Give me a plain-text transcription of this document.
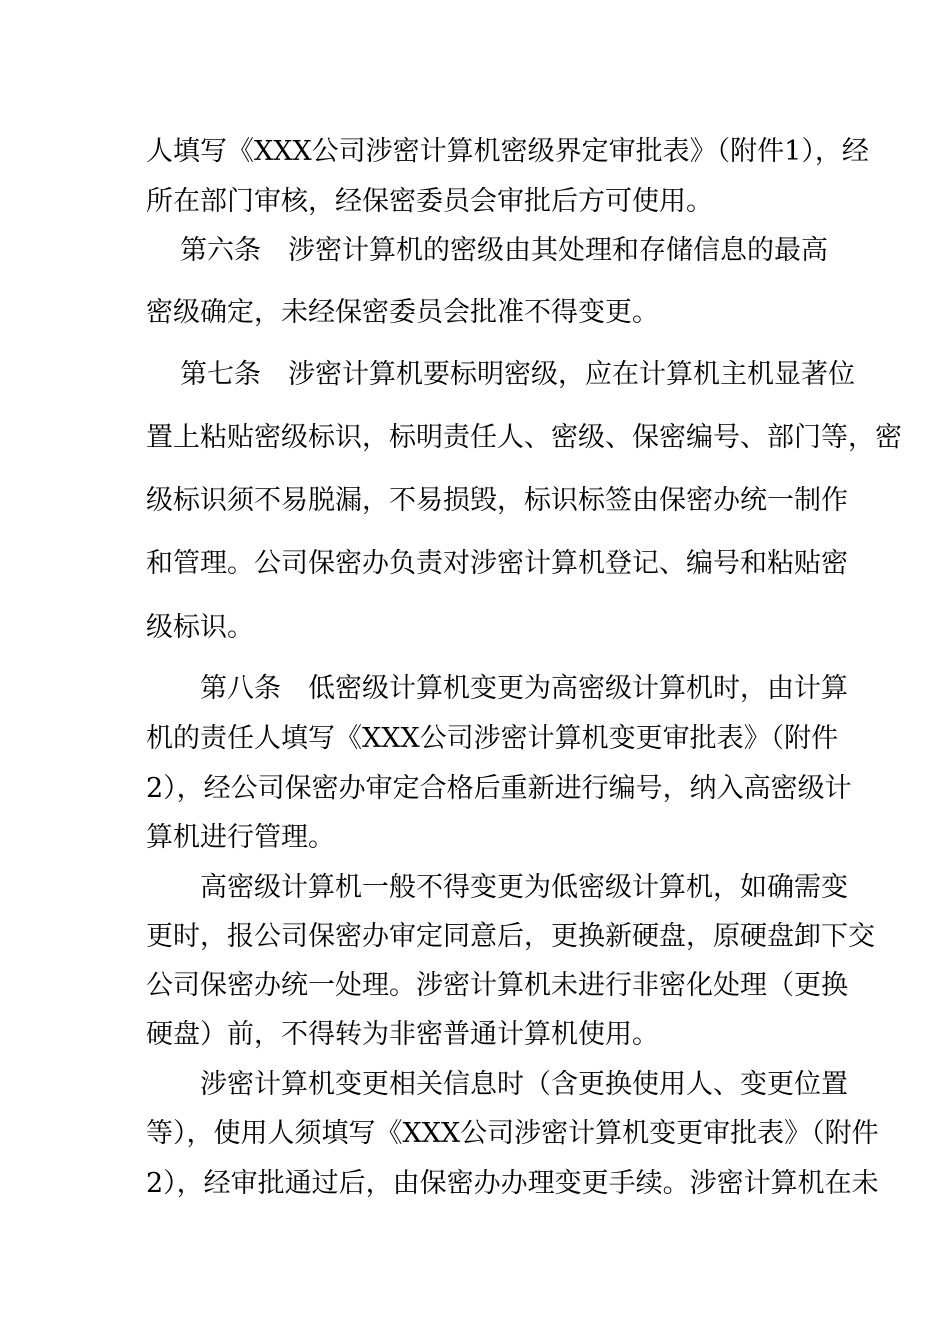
人填写《XXX公司涉密计算机密级界定审批表》（附件1），经
所在部门审核，经保密委员会审批后方可使用。
第六条　涉密计算机的密级由其处理和存储信息的最高
密级确定，未经保密委员会批准不得变更。
第七条　涉密计算机要标明密级，应在计算机主机显著位
置上粘贴密级标识，标明责任人、密级、保密编号、部门等，密
级标识须不易脱漏，不易损毁，标识标签由保密办统一制作
和管理。公司保密办负责对涉密计算机登记、编号和粘贴密
级标识。
第八条　低密级计算机变更为高密级计算机时，由计算
机的责任人填写《XXX公司涉密计算机变更审批表》（附件
2），经公司保密办审定合格后重新进行编号，纳入高密级计
算机进行管理。
高密级计算机一般不得变更为低密级计算机，如确需变
更时，报公司保密办审定同意后，更换新硬盘，原硬盘卸下交
公司保密办统一处理。涉密计算机未进行非密化处理（更换
硬盘）前，不得转为非密普通计算机使用。
涉密计算机变更相关信息时（含更换使用人、变更位置
等），使用人须填写《XXX公司涉密计算机变更审批表》（附件
2），经审批通过后，由保密办办理变更手续。涉密计算机在未
